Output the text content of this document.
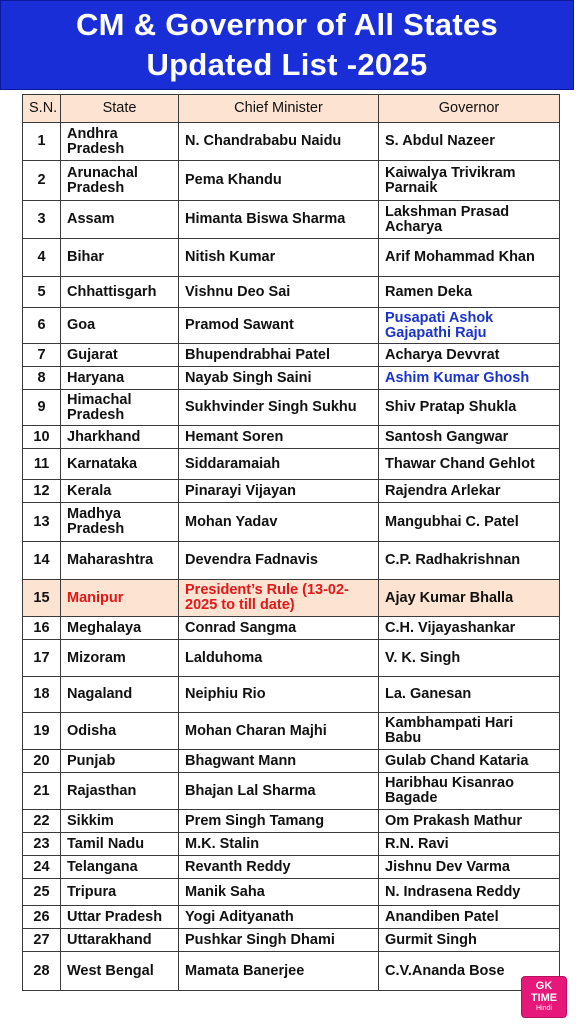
CM & Governor of All States
Updated List -2025
S.N.	State	Chief Minister	Governor
1	Andhra Pradesh	N. Chandrababu Naidu	S. Abdul Nazeer
2	Arunachal Pradesh	Pema Khandu	Kaiwalya Trivikram Parnaik
3	Assam	Himanta Biswa Sharma	Lakshman Prasad Acharya
4	Bihar	Nitish Kumar	Arif Mohammad Khan
5	Chhattisgarh	Vishnu Deo Sai	Ramen Deka
6	Goa	Pramod Sawant	Pusapati Ashok Gajapathi Raju
7	Gujarat	Bhupendrabhai Patel	Acharya Devvrat
8	Haryana	Nayab Singh Saini	Ashim Kumar Ghosh
9	Himachal Pradesh	Sukhvinder Singh Sukhu	Shiv Pratap Shukla
10	Jharkhand	Hemant Soren	Santosh Gangwar
11	Karnataka	Siddaramaiah	Thawar Chand Gehlot
12	Kerala	Pinarayi Vijayan	Rajendra Arlekar
13	Madhya Pradesh	Mohan Yadav	Mangubhai C. Patel
14	Maharashtra	Devendra Fadnavis	C.P. Radhakrishnan
15	Manipur	President’s Rule (13-02-2025 to till date)	Ajay Kumar Bhalla
16	Meghalaya	Conrad Sangma	C.H. Vijayashankar
17	Mizoram	Lalduhoma	V. K. Singh
18	Nagaland	Neiphiu Rio	La. Ganesan
19	Odisha	Mohan Charan Majhi	Kambhampati Hari Babu
20	Punjab	Bhagwant Mann	Gulab Chand Kataria
21	Rajasthan	Bhajan Lal Sharma	Haribhau Kisanrao Bagade
22	Sikkim	Prem Singh Tamang	Om Prakash Mathur
23	Tamil Nadu	M.K. Stalin	R.N. Ravi
24	Telangana	Revanth Reddy	Jishnu Dev Varma
25	Tripura	Manik Saha	N. Indrasena Reddy
26	Uttar Pradesh	Yogi Adityanath	Anandiben Patel
27	Uttarakhand	Pushkar Singh Dhami	Gurmit Singh
28	West Bengal	Mamata Banerjee	C.V.Ananda Bose
GK
TIME
Hindi
